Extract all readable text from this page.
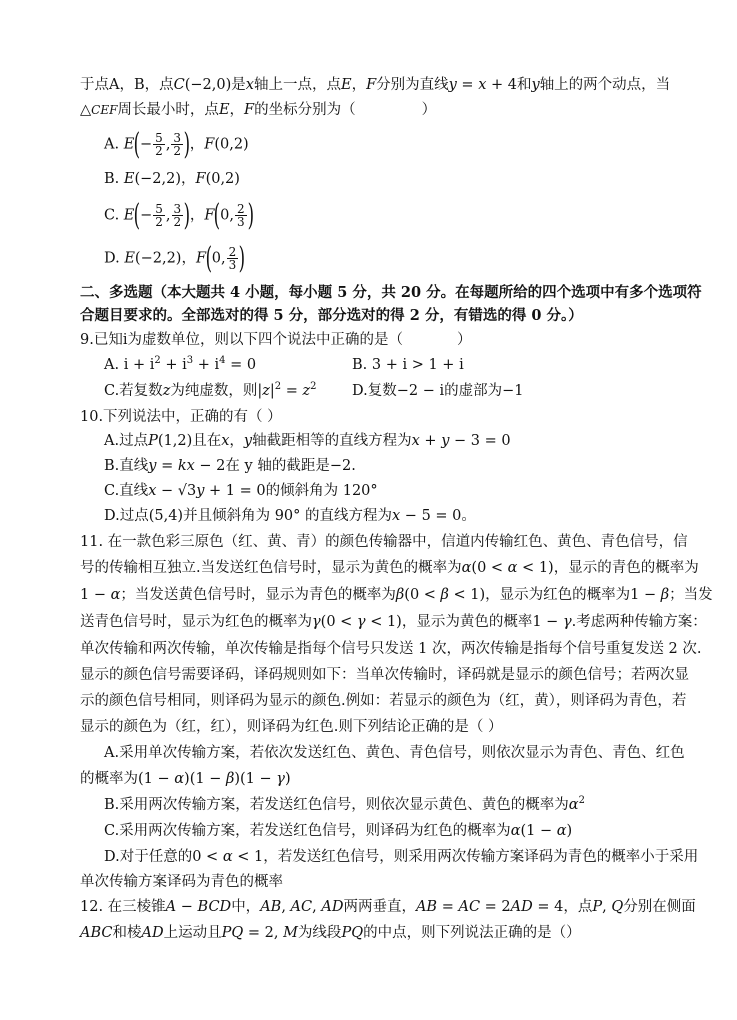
于点A，B，点C(−2,0)是x轴上一点，点E，F分别为直线y = x + 4和y轴上的两个动点，当
△CEF周长最小时，点E，F的坐标分别为（	）
A. $E(- \frac{5}{2}$ , $\frac{3}{2}$ )，F(0,2)
B. E(−2,2)，F(0,2)
C. $E(- \frac{5}{2}$ , $\frac{3}{2}$ )，F(0, $\frac{2}{3}$ )
D. E(−2,2)，F(0, $\frac{2}{3}$ )
二、多选题（本大题共 4 小题，每小题 5 分，共 20 分。在每题所给的四个选项中有多个选项符
合题目要求的。全部选对的得 5 分，部分选对的得 2 分，有错选的得 0 分。）
9.已知i为虚数单位，则以下四个说法中正确的是（	）
A. $i + i^2 + i^3 + i^4 = 0$	B. 3 + i > 1 + i
C.若复数z为纯虚数，则$|z|^2 = z^2$ D.复数−2 − i的虚部为−1
10.下列说法中，正确的有（ ）
A.过点P(1,2)且在x，y轴截距相等的直线方程为x + y − 3 = 0
B.直线y = kx − 2在 y 轴的截距是−2.
C.直线x − √3y + 1 = 0的倾斜角为 120°
D.过点(5,4)并且倾斜角为 90° 的直线方程为x − 5 = 0。
11. 在一款色彩三原色（红、黄、青）的颜色传输器中，信道内传输红色、黄色、青色信号，信
号的传输相互独立.当发送红色信号时，显示为黄色的概率为α(0 < α < 1)，显示的青色的概率为
1 − α；当发送黄色信号时，显示为青色的概率为β(0 < β < 1)，显示为红色的概率为1 − β；当发
送青色信号时，显示为红色的概率为γ(0 < γ < 1)，显示为黄色的概率1 − γ.考虑两种传输方案：
单次传输和两次传输，单次传输是指每个信号只发送 1 次，两次传输是指每个信号重复发送 2 次.
显示的颜色信号需要译码，译码规则如下：当单次传输时，译码就是显示的颜色信号；若两次显
示的颜色信号相同，则译码为显示的颜色.例如：若显示的颜色为（红，黄），则译码为青色，若
显示的颜色为（红，红），则译码为红色.则下列结论正确的是（ ）
A.采用单次传输方案，若依次发送红色、黄色、青色信号，则依次显示为青色、青色、红色
的概率为(1 − α)(1 − β)(1 − γ)
B.采用两次传输方案，若发送红色信号，则依次显示黄色、黄色的概率为$\alpha^2$
C.采用两次传输方案，若发送红色信号，则译码为红色的概率为α(1 − α)
D.对于任意的0 < α < 1，若发送红色信号，则采用两次传输方案译码为青色的概率小于采用
单次传输方案译码为青色的概率
12. 在三棱锥A − BCD中，AB, AC, AD两两垂直，AB = AC = 2AD = 4，点P, Q分别在侧面
ABC和棱AD上运动且PQ = 2, M为线段PQ的中点，则下列说法正确的是（）
